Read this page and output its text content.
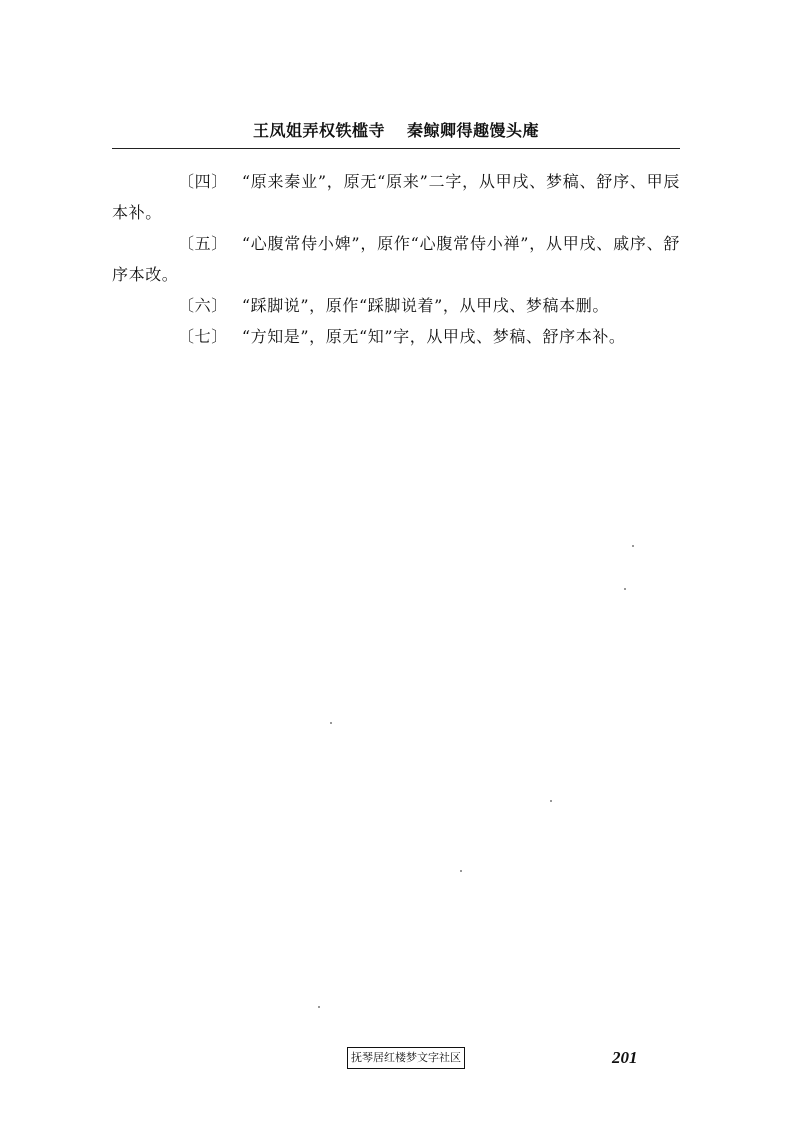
王凤姐弄权铁槛寺 秦鲸卿得趣馒头庵

〔四〕 “原来秦业”，原无“原来”二字，从甲戌、梦稿、舒序、甲辰本补。

〔五〕 “心腹常侍小婢”，原作“心腹常侍小禅”，从甲戌、戚序、舒序本改。

〔六〕 “踩脚说”，原作“踩脚说着”，从甲戌、梦稿本删。

〔七〕 “方知是”，原无“知”字，从甲戌、梦稿、舒序本补。

抚琴居红楼梦文字社区	201
